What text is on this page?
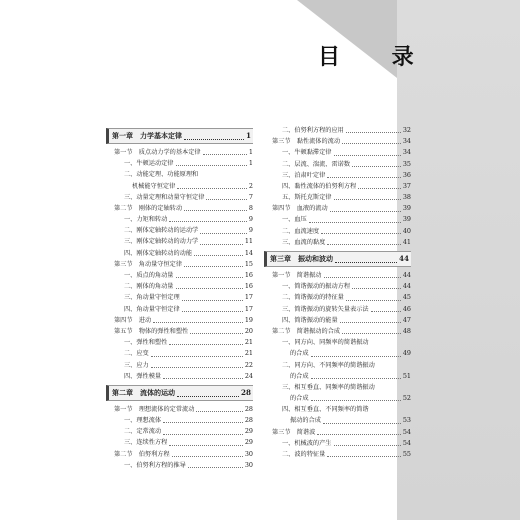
目 录
第一章　力学基本定律	1
第一节　质点动力学的基本定律	1
一、牛顿运动定律	1
二、动能定理、功能原理和
机械能守恒定律	2
三、动量定理和动量守恒定律	7
第二节　刚体的定轴转动	8
一、力矩和转动	9
二、刚体定轴转动的运动学	9
三、刚体定轴转动的动力学	11
四、刚体定轴转动的动能	14
第三节　角动量守恒定律	15
一、质点的角动量	16
二、刚体的角动量	16
三、角动量守恒定理	17
四、角动量守恒定律	17
第四节　进动	19
第五节　物体的弹性和塑性	20
一、弹性和塑性	21
二、应变	21
三、应力	22
四、弹性模量	24
第二章　流体的运动	28
第一节　理想流体的定常流动	28
一、理想流体	28
二、定常流动	29
三、连续性方程	29
第二节　伯努利方程	30
一、伯努利方程的推导	30
二、伯努利方程的应用	32
第三节　黏性流体的流动	34
一、牛顿黏滞定律	34
二、层流、湍流、雷诺数	35
三、泊肃叶定律	36
四、黏性流体的伯努利方程	37
五、斯托克斯定律	38
第四节　血液的流动	39
一、血压	39
二、血流速度	40
三、血流的黏度	41
第三章　振动和波动	44
第一节　简谐振动	44
一、简谐振动的振动方程	44
二、简谐振动的特征量	45
三、简谐振动的旋转矢量表示法	46
四、简谐振动的能量	47
第二节　简谐振动的合成	48
一、同方向、同频率的简谐振动
的合成	49
二、同方向、不同频率的简谐振动
的合成	51
三、相互垂直、同频率的简谐振动
的合成	52
四、相互垂直、不同频率的简谐
振动的合成	53
第三节　简谐波	54
一、机械波的产生	54
二、波的特征量	55
